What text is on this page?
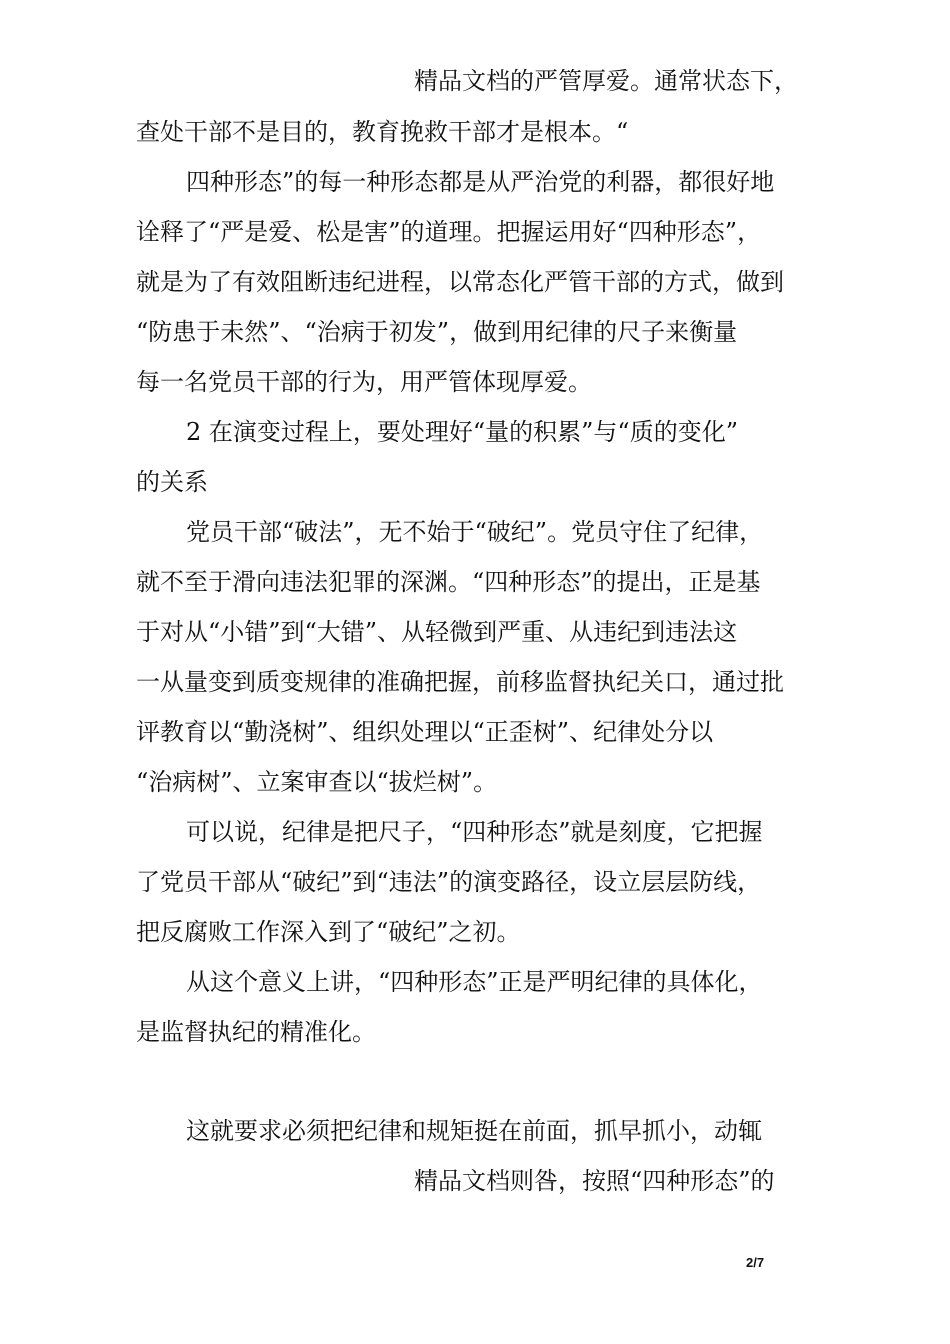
精品文档的严管厚爱。通常状态下，
查处干部不是目的，教育挽救干部才是根本。“
四种形态”的每一种形态都是从严治党的利器，都很好地
诠释了“严是爱、松是害”的道理。把握运用好“四种形态”，
就是为了有效阻断违纪进程，以常态化严管干部的方式，做到
“防患于未然”、“治病于初发”，做到用纪律的尺子来衡量
每一名党员干部的行为，用严管体现厚爱。
2 在演变过程上，要处理好“量的积累”与“质的变化”
的关系
党员干部“破法”，无不始于“破纪”。党员守住了纪律，
就不至于滑向违法犯罪的深渊。“四种形态”的提出，正是基
于对从“小错”到“大错”、从轻微到严重、从违纪到违法这
一从量变到质变规律的准确把握，前移监督执纪关口，通过批
评教育以“勤浇树”、组织处理以“正歪树”、纪律处分以
“治病树”、立案审查以“拔烂树”。
可以说，纪律是把尺子，“四种形态”就是刻度，它把握
了党员干部从“破纪”到“违法”的演变路径，设立层层防线，
把反腐败工作深入到了“破纪”之初。
从这个意义上讲，“四种形态”正是严明纪律的具体化，
是监督执纪的精准化。
这就要求必须把纪律和规矩挺在前面，抓早抓小，动辄
精品文档则咎，按照“四种形态”的
2/7
